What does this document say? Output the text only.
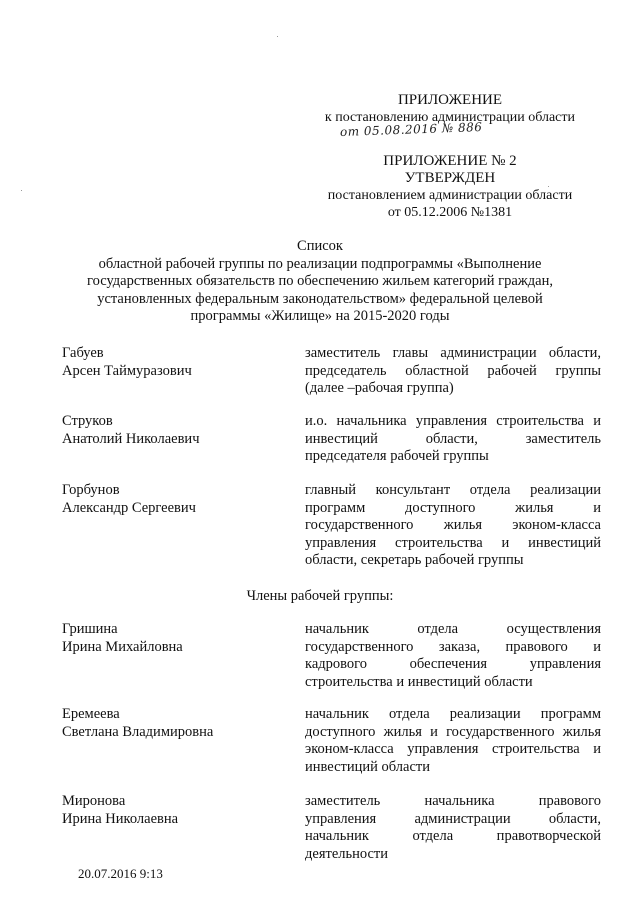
ПРИЛОЖЕНИЕ
к постановлению администрации области
от 05.08.2016 № 886
ПРИЛОЖЕНИЕ № 2
УТВЕРЖДЕН
постановлением администрации области
от 05.12.2006 №1381
Список
областной рабочей группы по реализации подпрограммы «Выполнение
государственных обязательств по обеспечению жильем категорий граждан,
установленных федеральным законодательством» федеральной целевой
программы «Жилище» на 2015-2020 годы
Габуев
Арсен Таймуразович
заместитель главы администрации области,
председатель областной рабочей группы
(далее –рабочая группа)
Струков
Анатолий Николаевич
и.о. начальника управления строительства и
инвестиций области, заместитель
председателя рабочей группы
Горбунов
Александр Сергеевич
главный консультант отдела реализации
программ доступного жилья и
государственного жилья эконом-класса
управления строительства и инвестиций
области, секретарь рабочей группы
Члены рабочей группы:
Гришина
Ирина Михайловна
начальник отдела осуществления
государственного заказа, правового и
кадрового обеспечения управления
строительства и инвестиций области
Еремеева
Светлана Владимировна
начальник отдела реализации программ
доступного жилья и государственного жилья
эконом-класса управления строительства и
инвестиций области
Миронова
Ирина Николаевна
заместитель начальника правового
управления администрации области,
начальник отдела правотворческой
деятельности
20.07.2016 9:13
